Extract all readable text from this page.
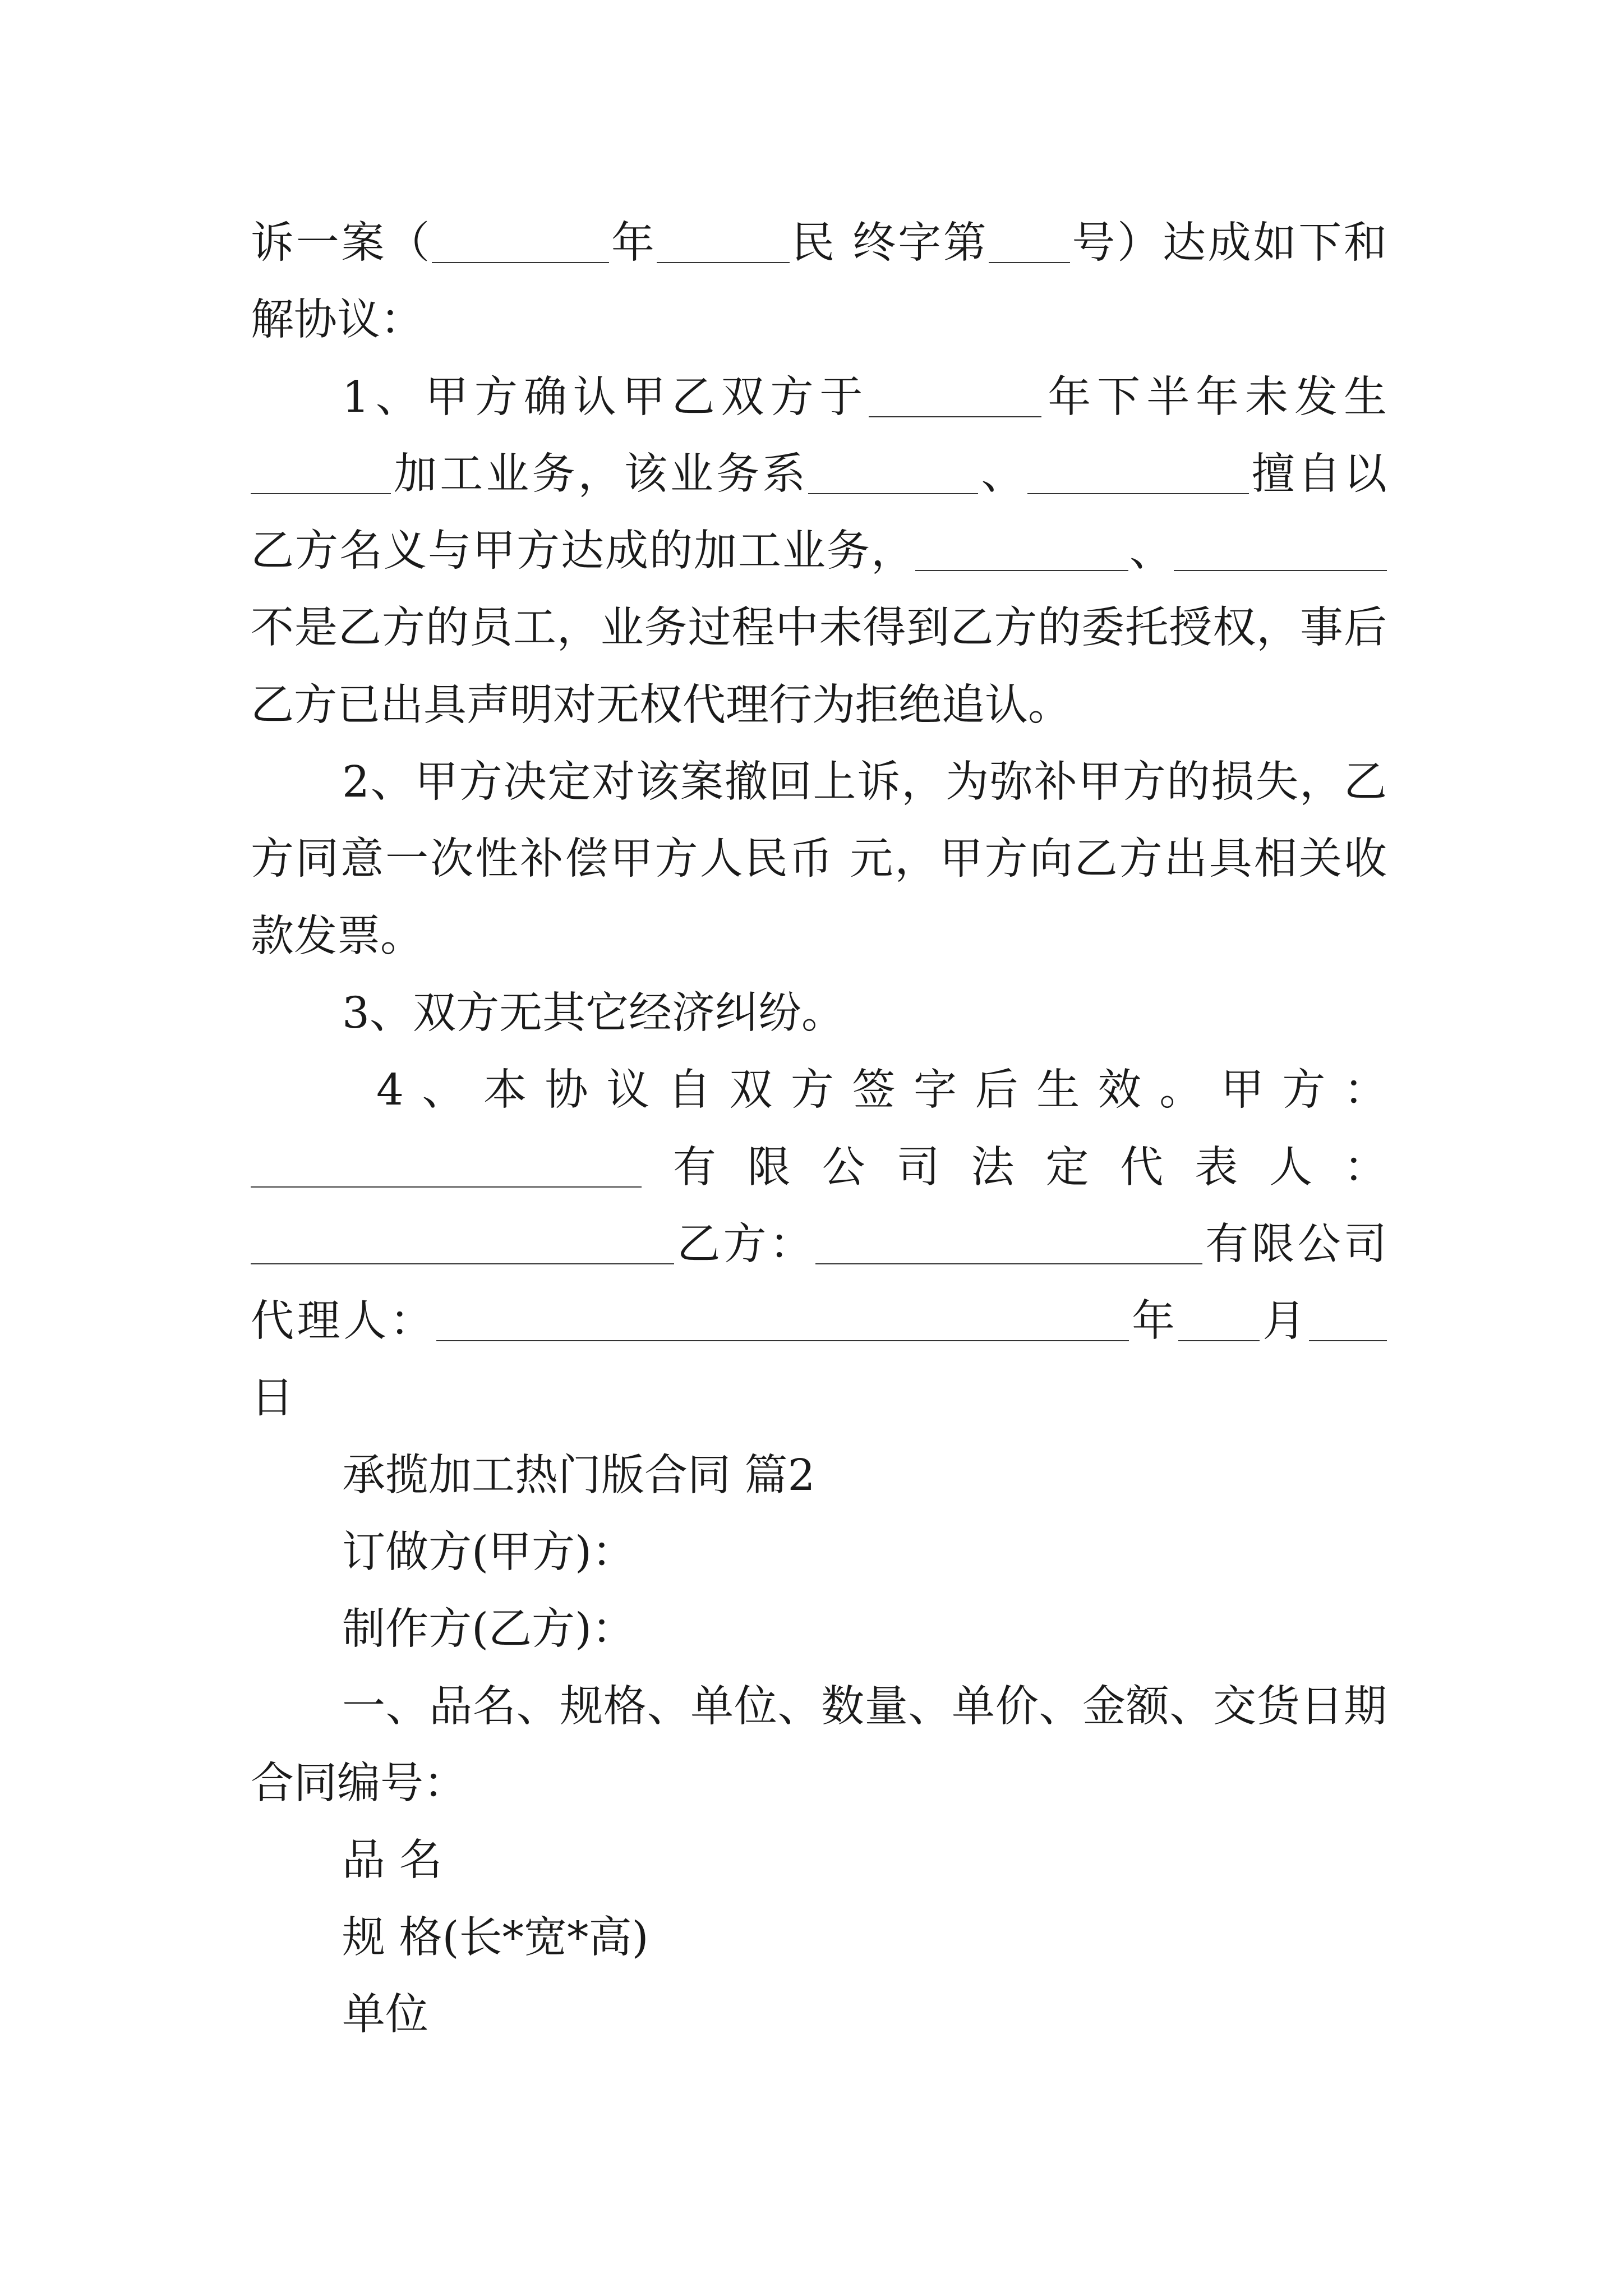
诉一案（	年	民 终字第 号）达成如下和
解协议：
1、甲方确认甲乙双方于	年下半年未发生
加工业务，该业务系	、	擅自以
乙方名义与甲方达成的加工业务，	、
不是乙方的员工，业务过程中未得到乙方的委托授权，事后
乙方已出具声明对无权代理行为拒绝追认。
2、甲方决定对该案撤回上诉，为弥补甲方的损失，乙
方同意一次性补偿甲方人民币 元，甲方向乙方出具相关收
款发票。
3、双方无其它经济纠纷。
4、本协议自双方签字后生效。甲方：
有限公司法定代表人：
乙方：	有限公司
代理人：	年 月
日
承揽加工热门版合同 篇2
订做方(甲方)：
制作方(乙方)：
一、品名、规格、单位、数量、单价、金额、交货日期
合同编号：
品 名
规 格(长*宽*高)
单位
